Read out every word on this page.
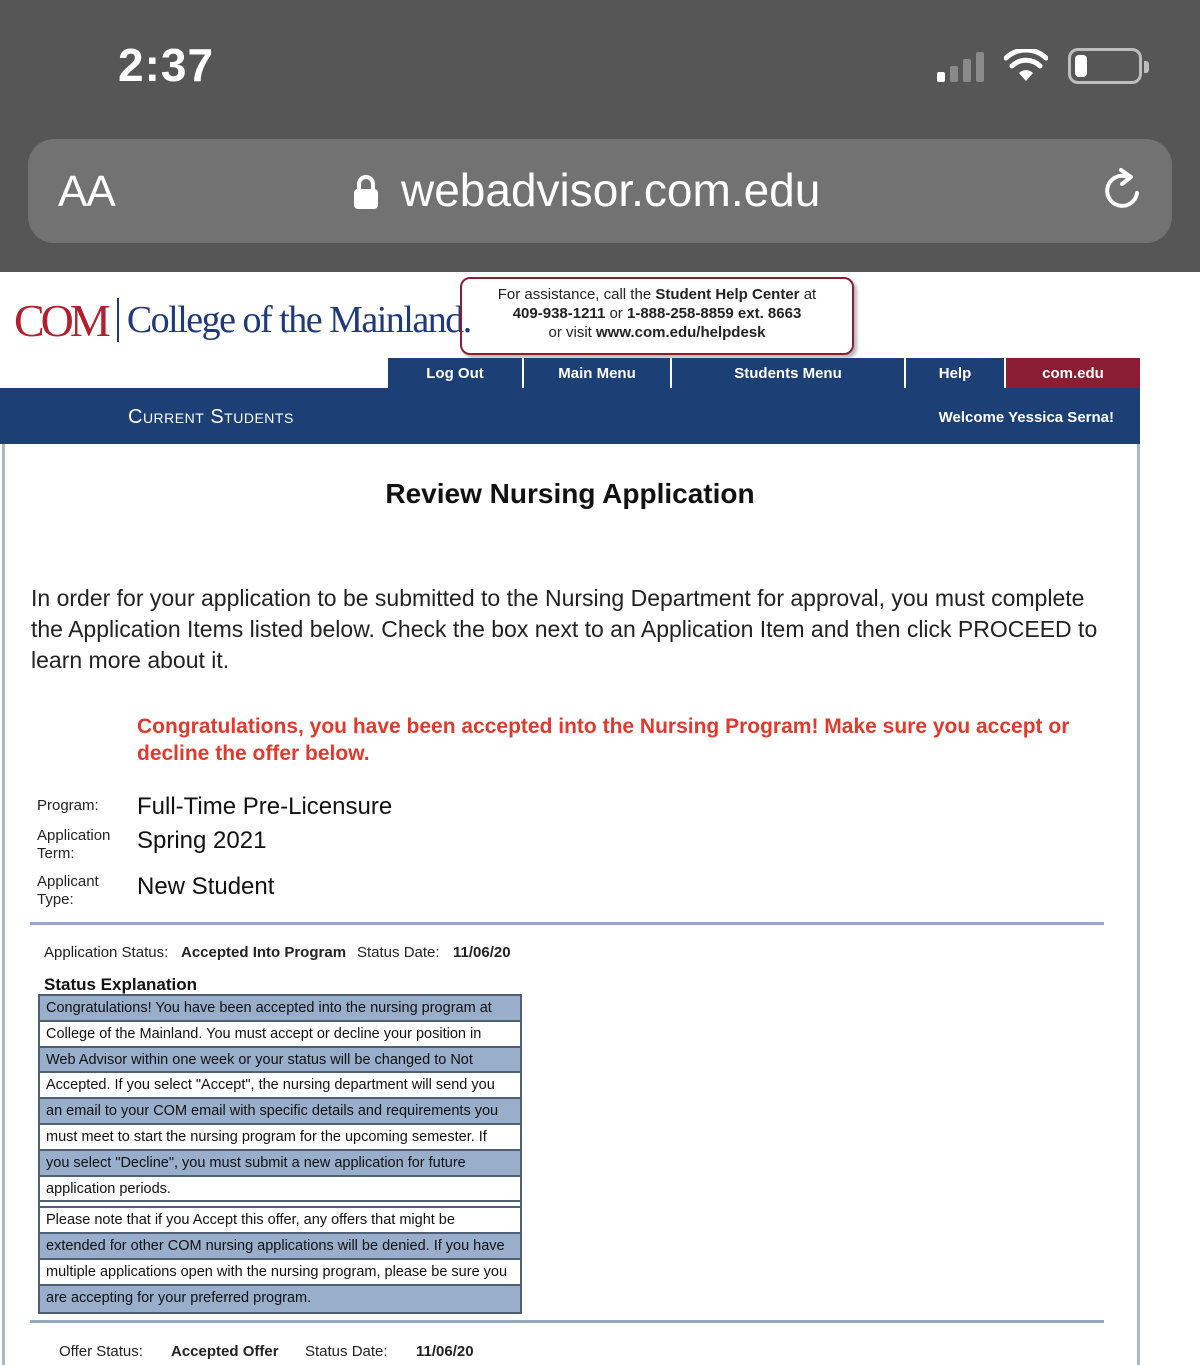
2:37
AA	webadvisor.com.edu
COM College of the Mainland.
For assistance, call the Student Help Center at
409-938-1211 or 1-888-258-8859 ext. 8663
or visit www.com.edu/helpdesk
Log Out	Main Menu	Students Menu	Help	com.edu
Current Students	Welcome Yessica Serna!
Review Nursing Application
In order for your application to be submitted to the Nursing Department for approval, you must complete the Application Items listed below. Check the box next to an Application Item and then click PROCEED to learn more about it.
Congratulations, you have been accepted into the Nursing Program! Make sure you accept or decline the offer below.
Program: Full-Time Pre-Licensure
Application Term:	Spring 2021
Applicant Type:	New Student
Application Status: Accepted Into Program Status Date: 11/06/20
Status Explanation
Congratulations! You have been accepted into the nursing program at
College of the Mainland. You must accept or decline your position in
Web Advisor within one week or your status will be changed to Not
Accepted. If you select "Accept", the nursing department will send you
an email to your COM email with specific details and requirements you
must meet to start the nursing program for the upcoming semester. If
you select "Decline", you must submit a new application for future
application periods.
Please note that if you Accept this offer, any offers that might be
extended for other COM nursing applications will be denied. If you have
multiple applications open with the nursing program, please be sure you
are accepting for your preferred program.
Offer Status: Accepted Offer Status Date: 11/06/20
